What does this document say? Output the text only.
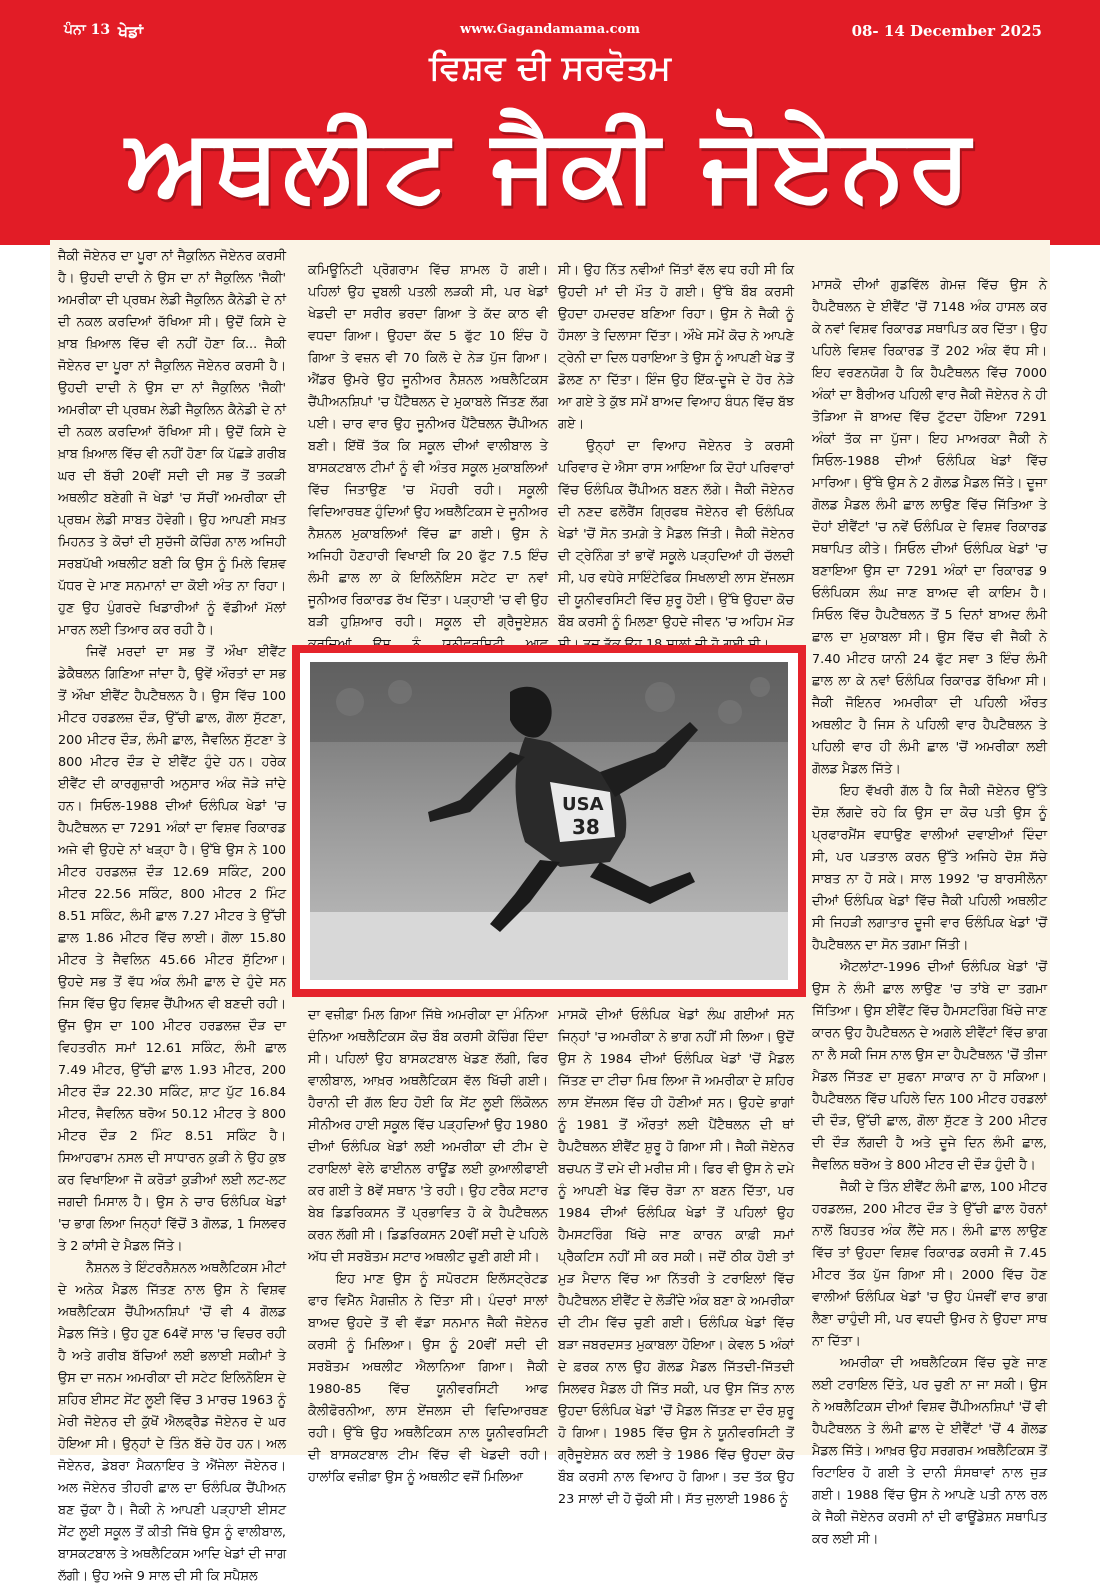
ਪੰਨਾ 13 ਖੇਡਾਂ	www.Gagandamama.com	08- 14 December 2025
ਵਿਸ਼ਵ ਦੀ ਸਰਵੋਤਮ
ਅਥਲੀਟ ਜੈਕੀ ਜੋਏਨਰ

ਜੈਕੀ ਜੋਏਨਰ ਦਾ ਪੂਰਾ ਨਾਂ ਜੈਕੁਲਿਨ ਜੋਏਨਰ ਕਰਸੀ ਹੈ। ਉਹਦੀ ਦਾਦੀ ਨੇ ਉਸ ਦਾ ਨਾਂ ਜੈਕੁਲਿਨ 'ਜੈਕੀ' ਅਮਰੀਕਾ ਦੀ ਪ੍ਰਥਮ ਲੇਡੀ ਜੈਕੁਲਿਨ ਕੈਨੇਡੀ ਦੇ ਨਾਂ ਦੀ ਨਕਲ ਕਰਦਿਆਂ ਰੱਖਿਆ ਸੀ। ਉਦੋਂ ਕਿਸੇ ਦੇ ਖ਼ਾਬ ਖ਼ਿਆਲ ਵਿੱਚ ਵੀ ਨਹੀਂ ਹੋਣਾ ਕਿ... ਜੈਕੀ ਜੋਏਨਰ ਦਾ ਪੂਰਾ ਨਾਂ ਜੈਕੁਲਿਨ ਜੋਏਨਰ ਕਰਸੀ ਹੈ। ਉਹਦੀ ਦਾਦੀ ਨੇ ਉਸ ਦਾ ਨਾਂ ਜੈਕੁਲਿਨ 'ਜੈਕੀ' ਅਮਰੀਕਾ ਦੀ ਪ੍ਰਥਮ ਲੇਡੀ ਜੈਕੁਲਿਨ ਕੈਨੇਡੀ ਦੇ ਨਾਂ ਦੀ ਨਕਲ ਕਰਦਿਆਂ ਰੱਖਿਆ ਸੀ। ਉਦੋਂ ਕਿਸੇ ਦੇ ਖ਼ਾਬ ਖ਼ਿਆਲ ਵਿੱਚ ਵੀ ਨਹੀਂ ਹੋਣਾ ਕਿ ਪੱਛੜੇ ਗਰੀਬ ਘਰ ਦੀ ਬੱਚੀ 20ਵੀਂ ਸਦੀ ਦੀ ਸਭ ਤੋਂ ਤਕੜੀ ਅਥਲੀਟ ਬਣੇਗੀ ਜੋ ਖੇਡਾਂ 'ਚ ਸੱਚੀਂ ਅਮਰੀਕਾ ਦੀ ਪ੍ਰਥਮ ਲੇਡੀ ਸਾਬਤ ਹੋਵੇਗੀ। ਉਹ ਆਪਣੀ ਸਖ਼ਤ ਮਿਹਨਤ ਤੇ ਕੋਚਾਂ ਦੀ ਸੁਚੱਜੀ ਕੋਚਿੰਗ ਨਾਲ ਅਜਿਹੀ ਸਰਬਪੱਖੀ ਅਥਲੀਟ ਬਣੀ ਕਿ ਉਸ ਨੂੰ ਮਿਲੇ ਵਿਸ਼ਵ ਪੱਧਰ ਦੇ ਮਾਣ ਸਨਮਾਨਾਂ ਦਾ ਕੋਈ ਅੰਤ ਨਾ ਰਿਹਾ। ਹੁਣ ਉਹ ਪੁੰਗਰਦੇ ਖਿਡਾਰੀਆਂ ਨੂੰ ਵੱਡੀਆਂ ਮੱਲਾਂ ਮਾਰਨ ਲਈ ਤਿਆਰ ਕਰ ਰਹੀ ਹੈ।

ਜਿਵੇਂ ਮਰਦਾਂ ਦਾ ਸਭ ਤੋਂ ਔਖਾ ਈਵੈਂਟ ਡੇਕੈਥਲਨ ਗਿਣਿਆ ਜਾਂਦਾ ਹੈ, ਉਵੇਂ ਔਰਤਾਂ ਦਾ ਸਭ ਤੋਂ ਔਖਾ ਈਵੈਂਟ ਹੈਪਟੈਥਲਨ ਹੈ। ਉਸ ਵਿੱਚ 100 ਮੀਟਰ ਹਰਡਲਜ਼ ਦੌੜ, ਉੱਚੀ ਛਾਲ, ਗੋਲਾ ਸੁੱਟਣਾ, 200 ਮੀਟਰ ਦੌੜ, ਲੰਮੀ ਛਾਲ, ਜੈਵਲਿਨ ਸੁੱਟਣਾ ਤੇ 800 ਮੀਟਰ ਦੌੜ ਦੇ ਈਵੈਂਟ ਹੁੰਦੇ ਹਨ। ਹਰੇਕ ਈਵੈਂਟ ਦੀ ਕਾਰਗੁਜ਼ਾਰੀ ਅਨੁਸਾਰ ਅੰਕ ਜੋੜੇ ਜਾਂਦੇ ਹਨ। ਸਿਓਲ-1988 ਦੀਆਂ ਓਲੰਪਿਕ ਖੇਡਾਂ 'ਚ ਹੈਪਟੈਥਲਨ ਦਾ 7291 ਅੰਕਾਂ ਦਾ ਵਿਸ਼ਵ ਰਿਕਾਰਡ ਅਜੇ ਵੀ ਉਹਦੇ ਨਾਂ ਖੜ੍ਹਾ ਹੈ। ਉੱਥੇ ਉਸ ਨੇ 100 ਮੀਟਰ ਹਰਡਲਜ਼ ਦੌੜ 12.69 ਸਕਿੰਟ, 200 ਮੀਟਰ 22.56 ਸਕਿੰਟ, 800 ਮੀਟਰ 2 ਮਿੰਟ 8.51 ਸਕਿੰਟ, ਲੰਮੀ ਛਾਲ 7.27 ਮੀਟਰ ਤੇ ਉੱਚੀ ਛਾਲ 1.86 ਮੀਟਰ ਵਿੱਚ ਲਾਈ। ਗੋਲਾ 15.80 ਮੀਟਰ ਤੇ ਜੈਵਲਿਨ 45.66 ਮੀਟਰ ਸੁੱਟਿਆ। ਉਹਦੇ ਸਭ ਤੋਂ ਵੱਧ ਅੰਕ ਲੰਮੀ ਛਾਲ ਦੇ ਹੁੰਦੇ ਸਨ ਜਿਸ ਵਿੱਚ ਉਹ ਵਿਸ਼ਵ ਚੈਂਪੀਅਨ ਵੀ ਬਣਦੀ ਰਹੀ। ਉਂਜ ਉਸ ਦਾ 100 ਮੀਟਰ ਹਰਡਲਜ਼ ਦੌੜ ਦਾ ਵਿਹਤਰੀਨ ਸਮਾਂ 12.61 ਸਕਿੰਟ, ਲੰਮੀ ਛਾਲ 7.49 ਮੀਟਰ, ਉੱਚੀ ਛਾਲ 1.93 ਮੀਟਰ, 200 ਮੀਟਰ ਦੌੜ 22.30 ਸਕਿੰਟ, ਸ਼ਾਟ ਪੁੱਟ 16.84 ਮੀਟਰ, ਜੈਵਲਿਨ ਥਰੋਅ 50.12 ਮੀਟਰ ਤੇ 800 ਮੀਟਰ ਦੌੜ 2 ਮਿੰਟ 8.51 ਸਕਿੰਟ ਹੈ। ਸਿਆਹਫਾਮ ਨਸਲ ਦੀ ਸਾਧਾਰਨ ਕੁੜੀ ਨੇ ਉਹ ਕੁਝ ਕਰ ਵਿਖਾਇਆ ਜੋ ਕਰੋੜਾਂ ਕੁੜੀਆਂ ਲਈ ਲਟ-ਲਟ ਜਗਦੀ ਮਿਸਾਲ ਹੈ। ਉਸ ਨੇ ਚਾਰ ਓਲੰਪਿਕ ਖੇਡਾਂ 'ਚ ਭਾਗ ਲਿਆ ਜਿਨ੍ਹਾਂ ਵਿੱਚੋਂ 3 ਗੋਲਡ, 1 ਸਿਲਵਰ ਤੇ 2 ਕਾਂਸੀ ਦੇ ਮੈਡਲ ਜਿੱਤੇ।

ਨੈਸ਼ਨਲ ਤੇ ਇੰਟਰਨੈਸ਼ਨਲ ਅਥਲੈਟਿਕਸ ਮੀਟਾਂ ਦੇ ਅਨੇਕ ਮੈਡਲ ਜਿੱਤਣ ਨਾਲ ਉਸ ਨੇ ਵਿਸ਼ਵ ਅਥਲੈਟਿਕਸ ਚੈਂਪੀਅਨਸ਼ਿਪਾਂ 'ਚੋਂ ਵੀ 4 ਗੋਲਡ ਮੈਡਲ ਜਿੱਤੇ। ਉਹ ਹੁਣ 64ਵੇਂ ਸਾਲ 'ਚ ਵਿਚਰ ਰਹੀ ਹੈ ਅਤੇ ਗਰੀਬ ਬੱਚਿਆਂ ਲਈ ਭਲਾਈ ਸਕੀਮਾਂ ਤੇ ਉਸ ਦਾ ਜਨਮ ਅਮਰੀਕਾ ਦੀ ਸਟੇਟ ਇਲਿਨੋਇਸ ਦੇ ਸ਼ਹਿਰ ਈਸਟ ਸੇਂਟ ਲੂਈ ਵਿੱਚ 3 ਮਾਰਚ 1963 ਨੂੰ ਮੇਰੀ ਜੋਏਨਰ ਦੀ ਕੁੱਖੋਂ ਐਲਫ੍ਰੈਡ ਜੋਏਨਰ ਦੇ ਘਰ ਹੋਇਆ ਸੀ। ਉਨ੍ਹਾਂ ਦੇ ਤਿੰਨ ਬੱਚੇ ਹੋਰ ਹਨ। ਅਲ ਜੋਏਨਰ, ਡੇਬਰਾ ਮੈਕਨਾਇਰ ਤੇ ਐਂਜੇਲਾ ਜੋਏਨਰ। ਅਲ ਜੋਏਨਰ ਤੀਹਰੀ ਛਾਲ ਦਾ ਓਲੰਪਿਕ ਚੈਂਪੀਅਨ ਬਣ ਚੁੱਕਾ ਹੈ। ਜੈਕੀ ਨੇ ਆਪਣੀ ਪੜ੍ਹਾਈ ਈਸਟ ਸੇਂਟ ਲੂਈ ਸਕੂਲ ਤੋਂ ਕੀਤੀ ਜਿੱਥੇ ਉਸ ਨੂੰ ਵਾਲੀਬਾਲ, ਬਾਸਕਟਬਾਲ ਤੇ ਅਥਲੈਟਿਕਸ ਆਦਿ ਖੇਡਾਂ ਦੀ ਜਾਗ ਲੱਗੀ। ਉਹ ਅਜੇ 9 ਸਾਲ ਦੀ ਸੀ ਕਿ ਸਪੈਸ਼ਲ

ਕਮਿਊਨਿਟੀ ਪ੍ਰੋਗਰਾਮ ਵਿੱਚ ਸ਼ਾਮਲ ਹੋ ਗਈ। ਪਹਿਲਾਂ ਉਹ ਦੁਬਲੀ ਪਤਲੀ ਲੜਕੀ ਸੀ, ਪਰ ਖੇਡਾਂ ਖੇਡਦੀ ਦਾ ਸਰੀਰ ਭਰਦਾ ਗਿਆ ਤੇ ਕੱਦ ਕਾਠ ਵੀ ਵਧਦਾ ਗਿਆ। ਉਹਦਾ ਕੱਦ 5 ਫੁੱਟ 10 ਇੰਚ ਹੋ ਗਿਆ ਤੇ ਵਜ਼ਨ ਵੀ 70 ਕਿਲੋ ਦੇ ਨੇੜ ਪੁੱਜ ਗਿਆ। ਐਂਡਰ ਉਮਰੇ ਉਹ ਜੂਨੀਅਰ ਨੈਸ਼ਨਲ ਅਥਲੈਟਿਕਸ ਚੈਂਪੀਅਨਸ਼ਿਪਾਂ 'ਚ ਪੈਂਟੈਥਲਨ ਦੇ ਮੁਕਾਬਲੇ ਜਿੱਤਣ ਲੱਗ ਪਈ। ਚਾਰ ਵਾਰ ਉਹ ਜੂਨੀਅਰ ਪੈਂਟੈਥਲਨ ਚੈਂਪੀਅਨ ਬਣੀ। ਇੱਥੋਂ ਤੱਕ ਕਿ ਸਕੂਲ ਦੀਆਂ ਵਾਲੀਬਾਲ ਤੇ ਬਾਸਕਟਬਾਲ ਟੀਮਾਂ ਨੂੰ ਵੀ ਅੰਤਰ ਸਕੂਲ ਮੁਕਾਬਲਿਆਂ ਵਿੱਚ ਜਿਤਾਉਣ 'ਚ ਮੋਹਰੀ ਰਹੀ। ਸਕੂਲੀ ਵਿਦਿਆਰਥਣ ਹੁੰਦਿਆਂ ਉਹ ਅਥਲੈਟਿਕਸ ਦੇ ਜੂਨੀਅਰ ਨੈਸ਼ਨਲ ਮੁਕਾਬਲਿਆਂ ਵਿੱਚ ਛਾ ਗਈ। ਉਸ ਨੇ ਅਜਿਹੀ ਹੋਣਹਾਰੀ ਵਿਖਾਈ ਕਿ 20 ਫੁੱਟ 7.5 ਇੰਚ ਲੰਮੀ ਛਾਲ ਲਾ ਕੇ ਇਲਿਨੋਇਸ ਸਟੇਟ ਦਾ ਨਵਾਂ ਜੂਨੀਅਰ ਰਿਕਾਰਡ ਰੱਖ ਦਿੱਤਾ। ਪੜ੍ਹਾਈ 'ਚ ਵੀ ਉਹ ਬੜੀ ਹੁਸ਼ਿਆਰ ਰਹੀ। ਸਕੂਲ ਦੀ ਗ੍ਰੈਜੂਏਸ਼ਨ

ਸੀ। ਉਹ ਨਿੱਤ ਨਵੀਆਂ ਜਿੱਤਾਂ ਵੱਲ ਵਧ ਰਹੀ ਸੀ ਕਿ ਉਹਦੀ ਮਾਂ ਦੀ ਮੌਤ ਹੋ ਗਈ। ਉੱਥੇ ਬੌਬ ਕਰਸੀ ਉਹਦਾ ਹਮਦਰਦ ਬਣਿਆ ਰਿਹਾ। ਉਸ ਨੇ ਜੈਕੀ ਨੂੰ ਹੌਸਲਾ ਤੇ ਦਿਲਾਸਾ ਦਿੱਤਾ। ਔਖੇ ਸਮੇਂ ਕੋਚ ਨੇ ਆਪਣੇ ਟ੍ਰੇਨੀ ਦਾ ਦਿਲ ਧਰਾਇਆ ਤੇ ਉਸ ਨੂੰ ਆਪਣੀ ਖੇਡ ਤੋਂ ਡੋਲਣ ਨਾ ਦਿੱਤਾ। ਇੰਜ ਉਹ ਇੱਕ-ਦੂਜੇ ਦੇ ਹੋਰ ਨੇੜੇ ਆ ਗਏ ਤੇ ਕੁੱਝ ਸਮੇਂ ਬਾਅਦ ਵਿਆਹ ਬੰਧਨ ਵਿੱਚ ਬੱਝ ਗਏ।

ਉਨ੍ਹਾਂ ਦਾ ਵਿਆਹ ਜੋਏਨਰ ਤੇ ਕਰਸੀ ਪਰਿਵਾਰ ਦੇ ਐਸਾ ਰਾਸ ਆਇਆ ਕਿ ਦੋਹਾਂ ਪਰਿਵਾਰਾਂ ਵਿੱਚ ਓਲੰਪਿਕ ਚੈਂਪੀਅਨ ਬਣਨ ਲੱਗੇ। ਜੈਕੀ ਜੋਏਨਰ ਦੀ ਨਣਦ ਫਲੋਰੈਂਸ ਗ੍ਰਿਫਥ ਜੋਏਨਰ ਵੀ ਓਲੰਪਿਕ ਖੇਡਾਂ 'ਚੋਂ ਸੋਨ ਤਮਗ਼ੇ ਤੇ ਮੈਡਲ ਜਿੱਤੀ। ਜੈਕੀ ਜੋਏਨਰ ਦੀ ਟ੍ਰੇਨਿੰਗ ਤਾਂ ਭਾਵੇਂ ਸਕੂਲੇ ਪੜ੍ਹਦਿਆਂ ਹੀ ਚੱਲਦੀ ਸੀ, ਪਰ ਵਧੇਰੇ ਸਾਇੰਟੇਫਿਕ ਸਿਖਲਾਈ ਲਾਸ ਏਂਜਲਸ ਦੀ ਯੂਨੀਵਰਸਿਟੀ ਵਿੱਚ ਸ਼ੁਰੂ ਹੋਈ। ਉੱਥੇ ਉਹਦਾ ਕੋਚ ਬੌਬ ਕਰਸੀ ਨੂੰ ਮਿਲਣਾ ਉਹਦੇ ਜੀਵਨ 'ਚ ਅਹਿਮ ਮੋੜ

ਮਾਸਕੋ ਦੀਆਂ ਗੁਡਵਿੱਲ ਗੇਮਜ਼ ਵਿੱਚ ਉਸ ਨੇ ਹੈਪਟੈਥਲਨ ਦੇ ਈਵੈਂਟ 'ਚੋਂ 7148 ਅੰਕ ਹਾਸਲ ਕਰ ਕੇ ਨਵਾਂ ਵਿਸ਼ਵ ਰਿਕਾਰਡ ਸਥਾਪਿਤ ਕਰ ਦਿੱਤਾ। ਉਹ ਪਹਿਲੇ ਵਿਸ਼ਵ ਰਿਕਾਰਡ ਤੋਂ 202 ਅੰਕ ਵੱਧ ਸੀ। ਇਹ ਵਰਣਨਯੋਗ ਹੈ ਕਿ ਹੈਪਟੈਥਲਨ ਵਿੱਚ 7000 ਅੰਕਾਂ ਦਾ ਬੈਰੀਅਰ ਪਹਿਲੀ ਵਾਰ ਜੈਕੀ ਜੋਏਨਰ ਨੇ ਹੀ ਤੋੜਿਆ ਜੋ ਬਾਅਦ ਵਿੱਚ ਟੁੱਟਦਾ ਹੋਇਆ 7291 ਅੰਕਾਂ ਤੱਕ ਜਾ ਪੁੱਜਾ। ਇਹ ਮਾਅਰਕਾ ਜੈਕੀ ਨੇ ਸਿਓਲ-1988 ਦੀਆਂ ਓਲੰਪਿਕ ਖੇਡਾਂ ਵਿੱਚ ਮਾਰਿਆ। ਉੱਥੇ ਉਸ ਨੇ 2 ਗੋਲਡ ਮੈਡਲ ਜਿੱਤੇ। ਦੂਜਾ ਗੋਲਡ ਮੈਡਲ ਲੰਮੀ ਛਾਲ ਲਾਉਣ ਵਿੱਚ ਜਿੱਤਿਆ ਤੇ ਦੋਹਾਂ ਈਵੈਂਟਾਂ 'ਚ ਨਵੇਂ ਓਲੰਪਿਕ ਦੇ ਵਿਸ਼ਵ ਰਿਕਾਰਡ ਸਥਾਪਿਤ ਕੀਤੇ। ਸਿਓਲ ਦੀਆਂ ਓਲੰਪਿਕ ਖੇਡਾਂ 'ਚ ਬਣਾਇਆ ਉਸ ਦਾ 7291 ਅੰਕਾਂ ਦਾ ਰਿਕਾਰਡ 9 ਓਲੰਪਿਕਸ ਲੰਘ ਜਾਣ ਬਾਅਦ ਵੀ ਕਾਇਮ ਹੈ। ਸਿਓਲ ਵਿੱਚ ਹੈਪਟੈਥਲਨ ਤੋਂ 5 ਦਿਨਾਂ ਬਾਅਦ ਲੰਮੀ ਛਾਲ ਦਾ ਮੁਕਾਬਲਾ ਸੀ। ਉਸ ਵਿੱਚ ਵੀ ਜੈਕੀ ਨੇ 7.40 ਮੀਟਰ ਯਾਨੀ 24 ਫੁੱਟ ਸਵਾ 3 ਇੰਚ ਲੰਮੀ ਛਾਲ ਲਾ ਕੇ ਨਵਾਂ ਓਲੰਪਿਕ ਰਿਕਾਰਡ ਰੱਖਿਆ ਸੀ। ਜੈਕੀ ਜੋਇਨਰ ਅਮਰੀਕਾ ਦੀ ਪਹਿਲੀ ਔਰਤ ਅਥਲੀਟ ਹੈ ਜਿਸ ਨੇ ਪਹਿਲੀ ਵਾਰ ਹੈਪਟੈਥਲਨ ਤੇ ਪਹਿਲੀ ਵਾਰ ਹੀ ਲੰਮੀ ਛਾਲ 'ਚੋਂ ਅਮਰੀਕਾ ਲਈ ਗੋਲਡ ਮੈਡਲ ਜਿੱਤੇ।

ਇਹ ਵੱਖਰੀ ਗੱਲ ਹੈ ਕਿ ਜੈਕੀ ਜੋਏਨਰ ਉੱਤੇ ਦੋਸ਼ ਲੱਗਦੇ ਰਹੇ ਕਿ ਉਸ ਦਾ ਕੋਚ ਪਤੀ ਉਸ ਨੂੰ ਪ੍ਰਫਾਰਮੈਂਸ ਵਧਾਉਣ ਵਾਲੀਆਂ ਦਵਾਈਆਂ ਦਿੰਦਾ ਸੀ, ਪਰ ਪੜਤਾਲ ਕਰਨ ਉੱਤੇ ਅਜਿਹੇ ਦੋਸ਼ ਸੱਚੇ ਸਾਬਤ ਨਾ ਹੋ ਸਕੇ। ਸਾਲ 1992 'ਚ ਬਾਰਸੀਲੋਨਾ ਦੀਆਂ ਓਲੰਪਿਕ ਖੇਡਾਂ ਵਿੱਚ ਜੈਕੀ ਪਹਿਲੀ ਅਥਲੀਟ ਸੀ ਜਿਹੜੀ ਲਗਾਤਾਰ ਦੂਜੀ ਵਾਰ ਓਲੰਪਿਕ ਖੇਡਾਂ 'ਚੋਂ ਹੈਪਟੈਥਲਨ ਦਾ ਸੋਨ ਤਗਮਾ ਜਿੱਤੀ।

ਐਟਲਾਂਟਾ-1996 ਦੀਆਂ ਓਲੰਪਿਕ ਖੇਡਾਂ 'ਚੋਂ ਉਸ ਨੇ ਲੰਮੀ ਛਾਲ ਲਾਉਣ 'ਚ ਤਾਂਬੇ ਦਾ ਤਗਮਾ ਜਿੱਤਿਆ। ਉਸ ਈਵੈਂਟ ਵਿੱਚ ਹੈਮਸਟਰਿੰਗ ਖਿੱਚੇ ਜਾਣ ਕਾਰਨ ਉਹ ਹੈਪਟੈਥਲਨ ਦੇ ਅਗਲੇ ਈਵੈਂਟਾਂ ਵਿੱਚ ਭਾਗ ਨਾ ਲੈ ਸਕੀ ਜਿਸ ਨਾਲ ਉਸ ਦਾ ਹੈਪਟੈਥਲਨ 'ਚੋਂ ਤੀਜਾ ਮੈਡਲ ਜਿੱਤਣ ਦਾ ਸੁਫਨਾ ਸਾਕਾਰ ਨਾ ਹੋ ਸਕਿਆ। ਹੈਪਟੈਥਲਨ ਵਿੱਚ ਪਹਿਲੇ ਦਿਨ 100 ਮੀਟਰ ਹਰਡਲਾਂ ਦੀ ਦੌੜ, ਉੱਚੀ ਛਾਲ, ਗੋਲਾ ਸੁੱਟਣ ਤੇ 200 ਮੀਟਰ ਦੀ ਦੌੜ ਲੱਗਦੀ ਹੈ ਅਤੇ ਦੂਜੇ ਦਿਨ ਲੰਮੀ ਛਾਲ, ਜੈਵਲਿਨ ਥਰੋਅ ਤੇ 800 ਮੀਟਰ ਦੀ ਦੌੜ ਹੁੰਦੀ ਹੈ।

ਜੈਕੀ ਦੇ ਤਿੰਨ ਈਵੈਂਟ ਲੰਮੀ ਛਾਲ, 100 ਮੀਟਰ ਹਰਡਲਜ਼, 200 ਮੀਟਰ ਦੌੜ ਤੇ ਉੱਚੀ ਛਾਲ ਹੋਰਨਾਂ ਨਾਲੋਂ ਬਿਹਤਰ ਅੰਕ ਲੈਂਦੇ ਸਨ। ਲੰਮੀ ਛਾਲ ਲਾਉਣ ਵਿੱਚ ਤਾਂ ਉਹਦਾ ਵਿਸ਼ਵ ਰਿਕਾਰਡ ਕਰਸੀ ਜੋ 7.45 ਮੀਟਰ ਤੱਕ ਪੁੱਜ ਗਿਆ ਸੀ। 2000 ਵਿੱਚ ਹੋਣ ਵਾਲੀਆਂ ਓਲੰਪਿਕ ਖੇਡਾਂ 'ਚ ਉਹ ਪੰਜਵੀਂ ਵਾਰ ਭਾਗ ਲੈਣਾ ਚਾਹੁੰਦੀ ਸੀ, ਪਰ ਵਧਦੀ ਉਮਰ ਨੇ ਉਹਦਾ ਸਾਥ ਨਾ ਦਿੱਤਾ।

ਅਮਰੀਕਾ ਦੀ ਅਥਲੈਟਿਕਸ ਵਿੱਚ ਚੁਣੇ ਜਾਣ ਲਈ ਟਰਾਇਲ ਦਿੱਤੇ, ਪਰ ਚੁਣੀ ਨਾ ਜਾ ਸਕੀ। ਉਸ ਨੇ ਅਥਲੈਟਿਕਸ ਦੀਆਂ ਵਿਸ਼ਵ ਚੈਂਪੀਅਨਸ਼ਿਪਾਂ 'ਚੋਂ ਵੀ ਹੈਪਟੈਥਲਨ ਤੇ ਲੰਮੀ ਛਾਲ ਦੇ ਈਵੈਂਟਾਂ 'ਚੋਂ 4 ਗੋਲਡ ਮੈਡਲ ਜਿੱਤੇ। ਆਖ਼ਰ ਉਹ ਸਰਗਰਮ ਅਥਲੈਟਿਕਸ ਤੋਂ ਰਿਟਾਇਰ ਹੋ ਗਈ ਤੇ ਦਾਨੀ ਸੰਸਥਾਵਾਂ ਨਾਲ ਜੁੜ ਗਈ। 1988 ਵਿੱਚ ਉਸ ਨੇ ਆਪਣੇ ਪਤੀ ਨਾਲ ਰਲ ਕੇ ਜੈਕੀ ਜੋਏਨਰ ਕਰਸੀ ਨਾਂ ਦੀ ਫਾਊਂਡੇਸ਼ਨ ਸਥਾਪਿਤ ਕਰ ਲਈ ਸੀ।

USA
38

ਦਾ ਵਜ਼ੀਫ਼ਾ ਮਿਲ ਗਿਆ ਜਿੱਥੇ ਅਮਰੀਕਾ ਦਾ ਮੰਨਿਆ ਦੰਨਿਆ ਅਥਲੈਟਿਕਸ ਕੋਚ ਬੌਬ ਕਰਸੀ ਕੋਚਿੰਗ ਦਿੰਦਾ ਸੀ। ਪਹਿਲਾਂ ਉਹ ਬਾਸਕਟਬਾਲ ਖੇਡਣ ਲੱਗੀ, ਫਿਰ ਵਾਲੀਬਾਲ, ਆਖ਼ਰ ਅਥਲੈਟਿਕਸ ਵੱਲ ਖਿੱਚੀ ਗਈ। ਹੈਰਾਨੀ ਦੀ ਗੱਲ ਇਹ ਹੋਈ ਕਿ ਸੇਂਟ ਲੂਈ ਲਿੰਕੋਲਨ ਸੀਨੀਅਰ ਹਾਈ ਸਕੂਲ ਵਿੱਚ ਪੜ੍ਹਦਿਆਂ ਉਹ 1980 ਦੀਆਂ ਓਲੰਪਿਕ ਖੇਡਾਂ ਲਈ ਅਮਰੀਕਾ ਦੀ ਟੀਮ ਦੇ ਟਰਾਇਲਾਂ ਵੇਲੇ ਫਾਈਨਲ ਰਾਊਂਡ ਲਈ ਕੁਆਲੀਫਾਈ ਕਰ ਗਈ ਤੇ 8ਵੇਂ ਸਥਾਨ 'ਤੇ ਰਹੀ। ਉਹ ਟਰੈਕ ਸਟਾਰ ਬੇਬ ਡਿਡਰਿਕਸਨ ਤੋਂ ਪ੍ਰਭਾਵਿਤ ਹੋ ਕੇ ਹੈਪਟੈਥਲਨ ਕਰਨ ਲੱਗੀ ਸੀ। ਡਿਡਰਿਕਸਨ 20ਵੀਂ ਸਦੀ ਦੇ ਪਹਿਲੇ ਅੱਧ ਦੀ ਸਰਬੋਤਮ ਸਟਾਰ ਅਥਲੀਟ ਚੁਣੀ ਗਈ ਸੀ।

ਇਹ ਮਾਣ ਉਸ ਨੂੰ ਸਪੋਰਟਸ ਇਲੱਸਟ੍ਰੇਟਡ ਫਾਰ ਵਿਮੈੱਨ ਮੈਗਜ਼ੀਨ ਨੇ ਦਿੱਤਾ ਸੀ। ਪੰਦਰਾਂ ਸਾਲਾਂ ਬਾਅਦ ਉਹਦੇ ਤੋਂ ਵੀ ਵੱਡਾ ਸਨਮਾਨ ਜੈਕੀ ਜੋਏਨਰ ਕਰਸੀ ਨੂੰ ਮਿਲਿਆ। ਉਸ ਨੂੰ 20ਵੀਂ ਸਦੀ ਦੀ ਸਰਬੋਤਮ ਅਥਲੀਟ ਐਲਾਨਿਆ ਗਿਆ। ਜੈਕੀ 1980-85 ਵਿੱਚ ਯੂਨੀਵਰਸਿਟੀ ਆਫ ਕੈਲੀਫੋਰਨੀਆ, ਲਾਸ ਏਂਜਲਸ ਦੀ ਵਿਦਿਆਰਥਣ ਰਹੀ। ਉੱਥੇ ਉਹ ਅਥਲੈਟਿਕਸ ਨਾਲ ਯੂਨੀਵਰਸਿਟੀ ਦੀ ਬਾਸਕਟਬਾਲ ਟੀਮ ਵਿੱਚ ਵੀ ਖੇਡਦੀ ਰਹੀ। ਹਾਲਾਂਕਿ ਵਜ਼ੀਫ਼ਾ ਉਸ ਨੂੰ ਅਥਲੀਟ ਵਜੋਂ ਮਿਲਿਆ

ਮਾਸਕੋ ਦੀਆਂ ਓਲੰਪਿਕ ਖੇਡਾਂ ਲੰਘ ਗਈਆਂ ਸਨ ਜਿਨ੍ਹਾਂ 'ਚ ਅਮਰੀਕਾ ਨੇ ਭਾਗ ਨਹੀਂ ਸੀ ਲਿਆ। ਉਦੋਂ ਉਸ ਨੇ 1984 ਦੀਆਂ ਓਲੰਪਿਕ ਖੇਡਾਂ 'ਚੋਂ ਮੈਡਲ ਜਿੱਤਣ ਦਾ ਟੀਚਾ ਮਿਥ ਲਿਆ ਜੋ ਅਮਰੀਕਾ ਦੇ ਸ਼ਹਿਰ ਲਾਸ ਏਂਜਲਸ ਵਿੱਚ ਹੀ ਹੋਣੀਆਂ ਸਨ। ਉਹਦੇ ਭਾਗਾਂ ਨੂੰ 1981 ਤੋਂ ਔਰਤਾਂ ਲਈ ਪੈਂਟੈਥਲਨ ਦੀ ਥਾਂ ਹੈਪਟੈਥਲਨ ਈਵੈਂਟ ਸ਼ੁਰੂ ਹੋ ਗਿਆ ਸੀ। ਜੈਕੀ ਜੋਏਨਰ ਬਚਪਨ ਤੋਂ ਦਮੇ ਦੀ ਮਰੀਜ਼ ਸੀ। ਫਿਰ ਵੀ ਉਸ ਨੇ ਦਮੇ ਨੂੰ ਆਪਣੀ ਖੇਡ ਵਿੱਚ ਰੋੜਾ ਨਾ ਬਣਨ ਦਿੱਤਾ, ਪਰ 1984 ਦੀਆਂ ਓਲੰਪਿਕ ਖੇਡਾਂ ਤੋਂ ਪਹਿਲਾਂ ਉਹ ਹੈਮਸਟਰਿੰਗ ਖਿੱਚੇ ਜਾਣ ਕਾਰਨ ਕਾਫ਼ੀ ਸਮਾਂ ਪ੍ਰੈਕਟਿਸ ਨਹੀਂ ਸੀ ਕਰ ਸਕੀ। ਜਦੋਂ ਠੀਕ ਹੋਈ ਤਾਂ ਮੁੜ ਮੈਦਾਨ ਵਿੱਚ ਆ ਨਿੱਤਰੀ ਤੇ ਟਰਾਇਲਾਂ ਵਿੱਚ ਹੈਪਟੈਥਲਨ ਈਵੈਂਟ ਦੇ ਲੋੜੀਂਦੇ ਅੰਕ ਬਣਾ ਕੇ ਅਮਰੀਕਾ ਦੀ ਟੀਮ ਵਿੱਚ ਚੁਣੀ ਗਈ। ਓਲੰਪਿਕ ਖੇਡਾਂ ਵਿੱਚ ਬੜਾ ਜਬਰਦਸਤ ਮੁਕਾਬਲਾ ਹੋਇਆ। ਕੇਵਲ 5 ਅੰਕਾਂ ਦੇ ਫ਼ਰਕ ਨਾਲ ਉਹ ਗੋਲਡ ਮੈਡਲ ਜਿੱਤਦੀ-ਜਿੱਤਦੀ ਸਿਲਵਰ ਮੈਡਲ ਹੀ ਜਿੱਤ ਸਕੀ, ਪਰ ਉਸ ਜਿੱਤ ਨਾਲ ਉਹਦਾ ਓਲੰਪਿਕ ਖੇਡਾਂ 'ਚੋਂ ਮੈਡਲ ਜਿੱਤਣ ਦਾ ਦੌਰ ਸ਼ੁਰੂ ਹੋ ਗਿਆ। 1985 ਵਿੱਚ ਉਸ ਨੇ ਯੂਨੀਵਰਸਿਟੀ ਤੋਂ ਗ੍ਰੈਜੂਏਸ਼ਨ ਕਰ ਲਈ ਤੇ 1986 ਵਿੱਚ ਉਹਦਾ ਕੋਚ ਬੌਬ ਕਰਸੀ ਨਾਲ ਵਿਆਹ ਹੋ ਗਿਆ। ਤਦ ਤੱਕ ਉਹ 23 ਸਾਲਾਂ ਦੀ ਹੋ ਚੁੱਕੀ ਸੀ। ਸੱਤ ਜੁਲਾਈ 1986 ਨੂੰ
